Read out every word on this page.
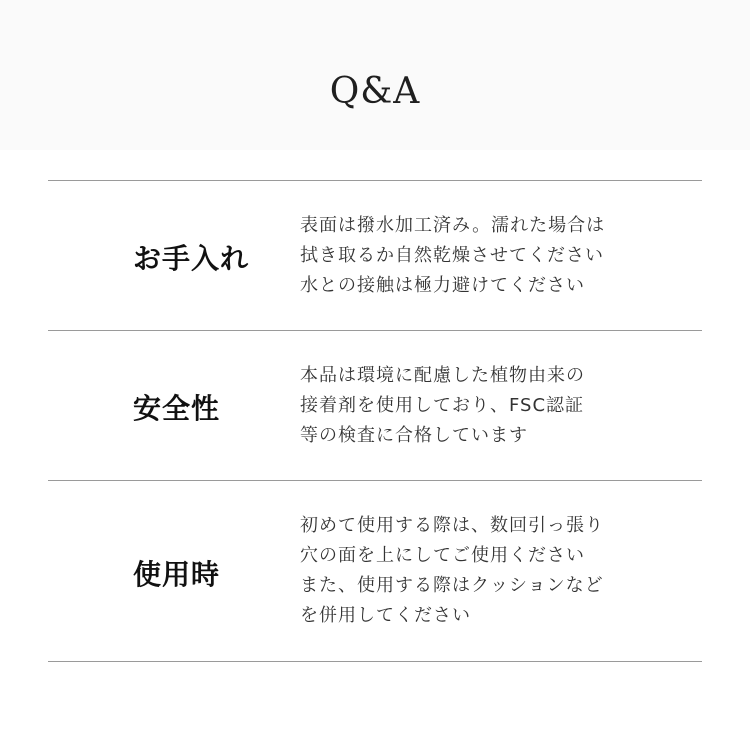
Q&A
お手入れ
表面は撥水加工済み。濡れた場合は
拭き取るか自然乾燥させてください
水との接触は極力避けてください
安全性
本品は環境に配慮した植物由来の
接着剤を使用しており、FSC認証
等の検査に合格しています
使用時
初めて使用する際は、数回引っ張り
穴の面を上にしてご使用ください
また、使用する際はクッションなど
を併用してください
